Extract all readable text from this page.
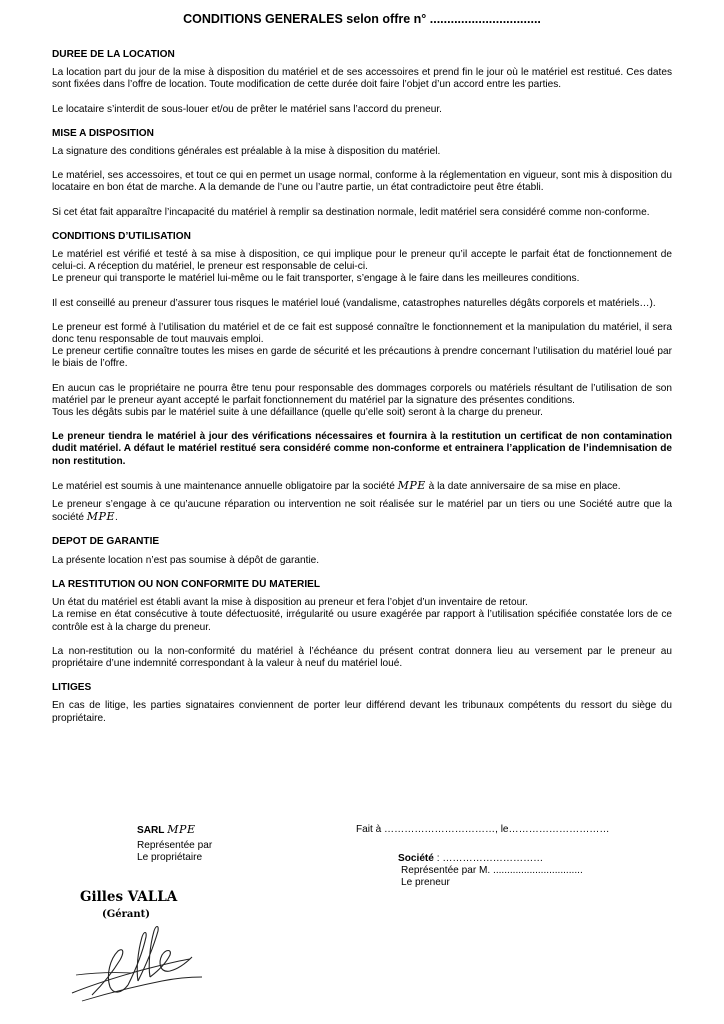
CONDITIONS GENERALES selon offre n° ................................
DUREE DE LA LOCATION

La location part du jour de la mise à disposition du matériel et de ses accessoires et prend fin le jour où le matériel est restitué. Ces dates sont fixées dans l’offre de location. Toute modification de cette durée doit faire l’objet d’un accord entre les parties.

Le locataire s’interdit de sous-louer et/ou de prêter le matériel sans l’accord du preneur.

MISE A DISPOSITION

La signature des conditions générales est préalable à la mise à disposition du matériel.

Le matériel, ses accessoires, et tout ce qui en permet un usage normal, conforme à la réglementation en vigueur, sont mis à disposition du locataire en bon état de marche. A la demande de l’une ou l’autre partie, un état contradictoire peut être établi.

Si cet état fait apparaître l’incapacité du matériel à remplir sa destination normale, ledit matériel sera considéré comme non-conforme.

CONDITIONS D’UTILISATION

Le matériel est vérifié et testé à sa mise à disposition, ce qui implique pour le preneur qu’il accepte le parfait état de fonctionnement de celui-ci. A réception du matériel, le preneur est responsable de celui-ci.

Le preneur qui transporte le matériel lui-même ou le fait transporter, s’engage à le faire dans les meilleures conditions.

Il est conseillé au preneur d’assurer tous risques le matériel loué (vandalisme, catastrophes naturelles dégâts corporels et matériels…).

Le preneur est formé à l’utilisation du matériel et de ce fait est supposé connaître le fonctionnement et la manipulation du matériel, il sera donc tenu responsable de tout mauvais emploi.

Le preneur certifie connaître toutes les mises en garde de sécurité et les précautions à prendre concernant l’utilisation du matériel loué par le biais de l’offre.

En aucun cas le propriétaire ne pourra être tenu pour responsable des dommages corporels ou matériels résultant de l’utilisation de son matériel par le preneur ayant accepté le parfait fonctionnement du matériel par la signature des présentes conditions.

Tous les dégâts subis par le matériel suite à une défaillance (quelle qu’elle soit) seront à la charge du preneur.

Le preneur tiendra le matériel à jour des vérifications nécessaires et fournira à la restitution un certificat de non contamination dudit matériel. A défaut le matériel restitué sera considéré comme non-conforme et entrainera l’application de l’indemnisation de non restitution.

Le matériel est soumis à une maintenance annuelle obligatoire par la société MPE à la date anniversaire de sa mise en place.

Le preneur s’engage à ce qu’aucune réparation ou intervention ne soit réalisée sur le matériel par un tiers ou une Société autre que la société MPE.

DEPOT DE GARANTIE

La présente location n’est pas soumise à dépôt de garantie.

LA RESTITUTION OU NON CONFORMITE DU MATERIEL

Un état du matériel est établi avant la mise à disposition au preneur et fera l’objet d’un inventaire de retour.

La remise en état consécutive à toute défectuosité, irrégularité ou usure exagérée par rapport à l’utilisation spécifiée constatée lors de ce contrôle est à la charge du preneur.

La non-restitution ou la non-conformité du matériel à l’échéance du présent contrat donnera lieu au versement par le preneur au propriétaire d’une indemnité correspondant à la valeur à neuf du matériel loué.

LITIGES

En cas de litige, les parties signataires conviennent de porter leur différend devant les tribunaux compétents du ressort du siège du propriétaire.

SARL MPE
Représentée par
Le propriétaire
Fait à ……………………………, le…………………………
Société : …………………………
Représentée par M. ................................
Le preneur
Gilles VALLA
(Gérant)
